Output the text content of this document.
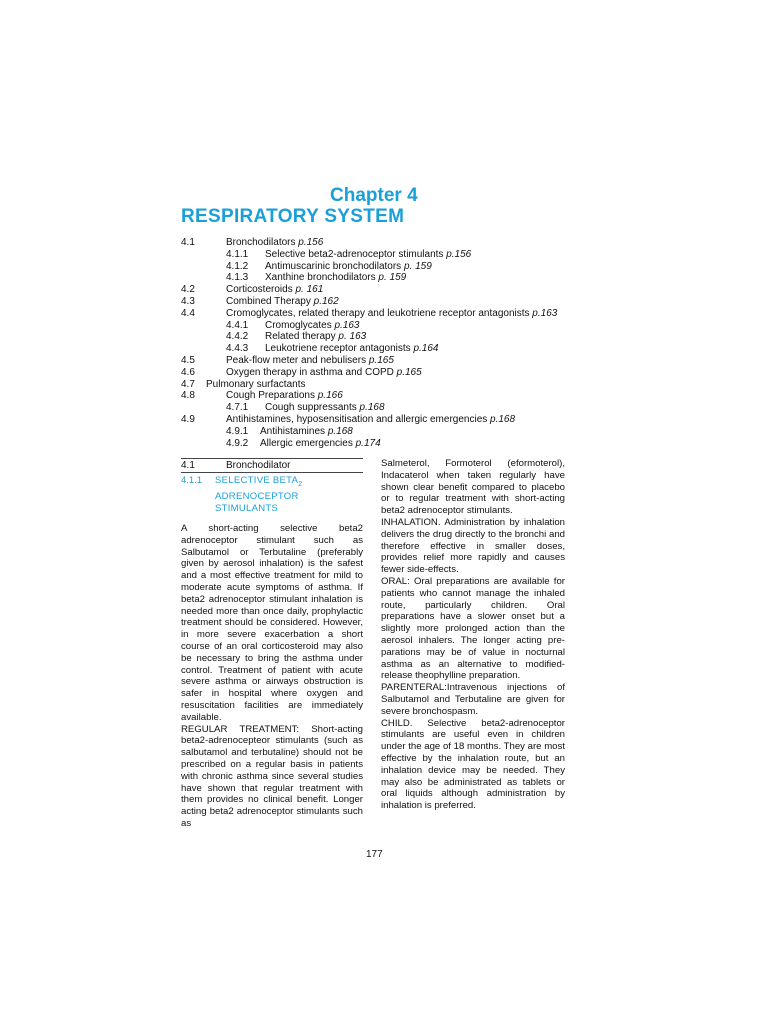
Chapter 4
RESPIRATORY SYSTEM
4.1	Bronchodilators p.156
4.1.1 Selective beta2-adrenoceptor stimulants p.156
4.1.2 Antimuscarinic bronchodilators p. 159
4.1.3 Xanthine bronchodilators p. 159
4.2	Corticosteroids p. 161
4.3	Combined Therapy p.162
4.4	Cromoglycates, related therapy and leukotriene receptor antagonists p.163
4.4.1 Cromoglycates p.163
4.4.2 Related therapy p. 163
4.4.3 Leukotriene receptor antagonists p.164
4.5	Peak-flow meter and nebulisers p.165
4.6	Oxygen therapy in asthma and COPD p.165
4.7 Pulmonary surfactants
4.8	Cough Preparations p.166
4.7.1 Cough suppressants p.168
4.9	Antihistamines, hyposensitisation and allergic emergencies p.168
4.9.1 Antihistamines p.168
4.9.2 Allergic emergencies p.174
4.1	Bronchodilator
4.1.1 SELECTIVE $BETA_2$
ADRENOCEPTOR
STIMULANTS

A short-acting selective beta2 adrenoceptor stimulant such as Salbutamol or Terbutaline (preferably given by aerosol inhalation) is the safest and a most effective treatment for mild to moderate acute symptoms of asthma. If beta2 adrenoceptor stimulant inhalation is needed more than once daily, prophylactic treatment should be considered. However, in more severe exacerbation a short course of an oral corticosteroid may also be necessary to bring the asthma under control. Treatment of patient with acute severe asthma or airways obstruction is safer in hospital where oxygen and resuscitation facilities are immediately available.

REGULAR TREATMENT: Short-acting beta2-adrenocepteor stimulants (such as salbutamol and terbutaline) should not be prescribed on a regular basis in patients with chronic asthma since several studies have shown that regular treatment with them provides no clinical benefit. Longer acting beta2 adrenoceptor stimulants such as

Salmeterol, Formoterol (eformoterol), Indacaterol when taken regularly have shown clear benefit compared to placebo or to regular treatment with short-acting beta2 adrenoceptor stimulants.

INHALATION. Administration by inhalation delivers the drug directly to the bronchi and therefore effective in smaller doses, provides relief more rapidly and causes fewer side-effects.

ORAL: Oral preparations are available for patients who cannot manage the inhaled route, particularly children. Oral preparations have a slower onset but a slightly more prolonged action than the aerosol inhalers. The longer acting pre-parations may be of value in nocturnal asthma as an alternative to modified-release theophylline preparation.

PARENTERAL:Intravenous injections of Salbutamol and Terbutaline are given for severe bronchospasm.

CHILD. Selective beta2-adrenoceptor stimulants are useful even in children under the age of 18 months. They are most effective by the inhalation route, but an inhalation device may be needed. They may also be administrated as tablets or oral liquids although administration by inhalation is preferred.

177
